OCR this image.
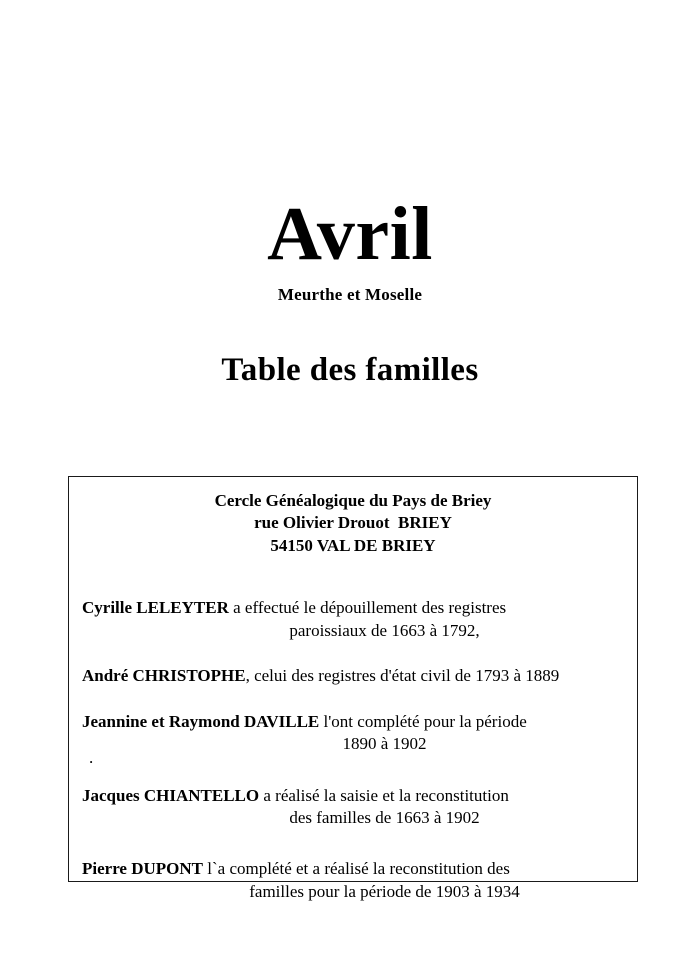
Avril
Meurthe et Moselle
Table des familles
Cercle Généalogique du Pays de Briey
rue Olivier Drouot  BRIEY
54150 VAL DE BRIEY
.

Cyrille LELEYTER a effectué le dépouillement des registres
paroissiaux de 1663 à 1792,

André CHRISTOPHE, celui des registres d'état civil de 1793 à 1889

Jeannine et Raymond DAVILLE l'ont complété pour la période
1890 à 1902

Jacques CHIANTELLO a réalisé la saisie et la reconstitution
des familles de 1663 à 1902

Pierre DUPONT l`a complété et a réalisé la reconstitution des
familles pour la période de 1903 à 1934
